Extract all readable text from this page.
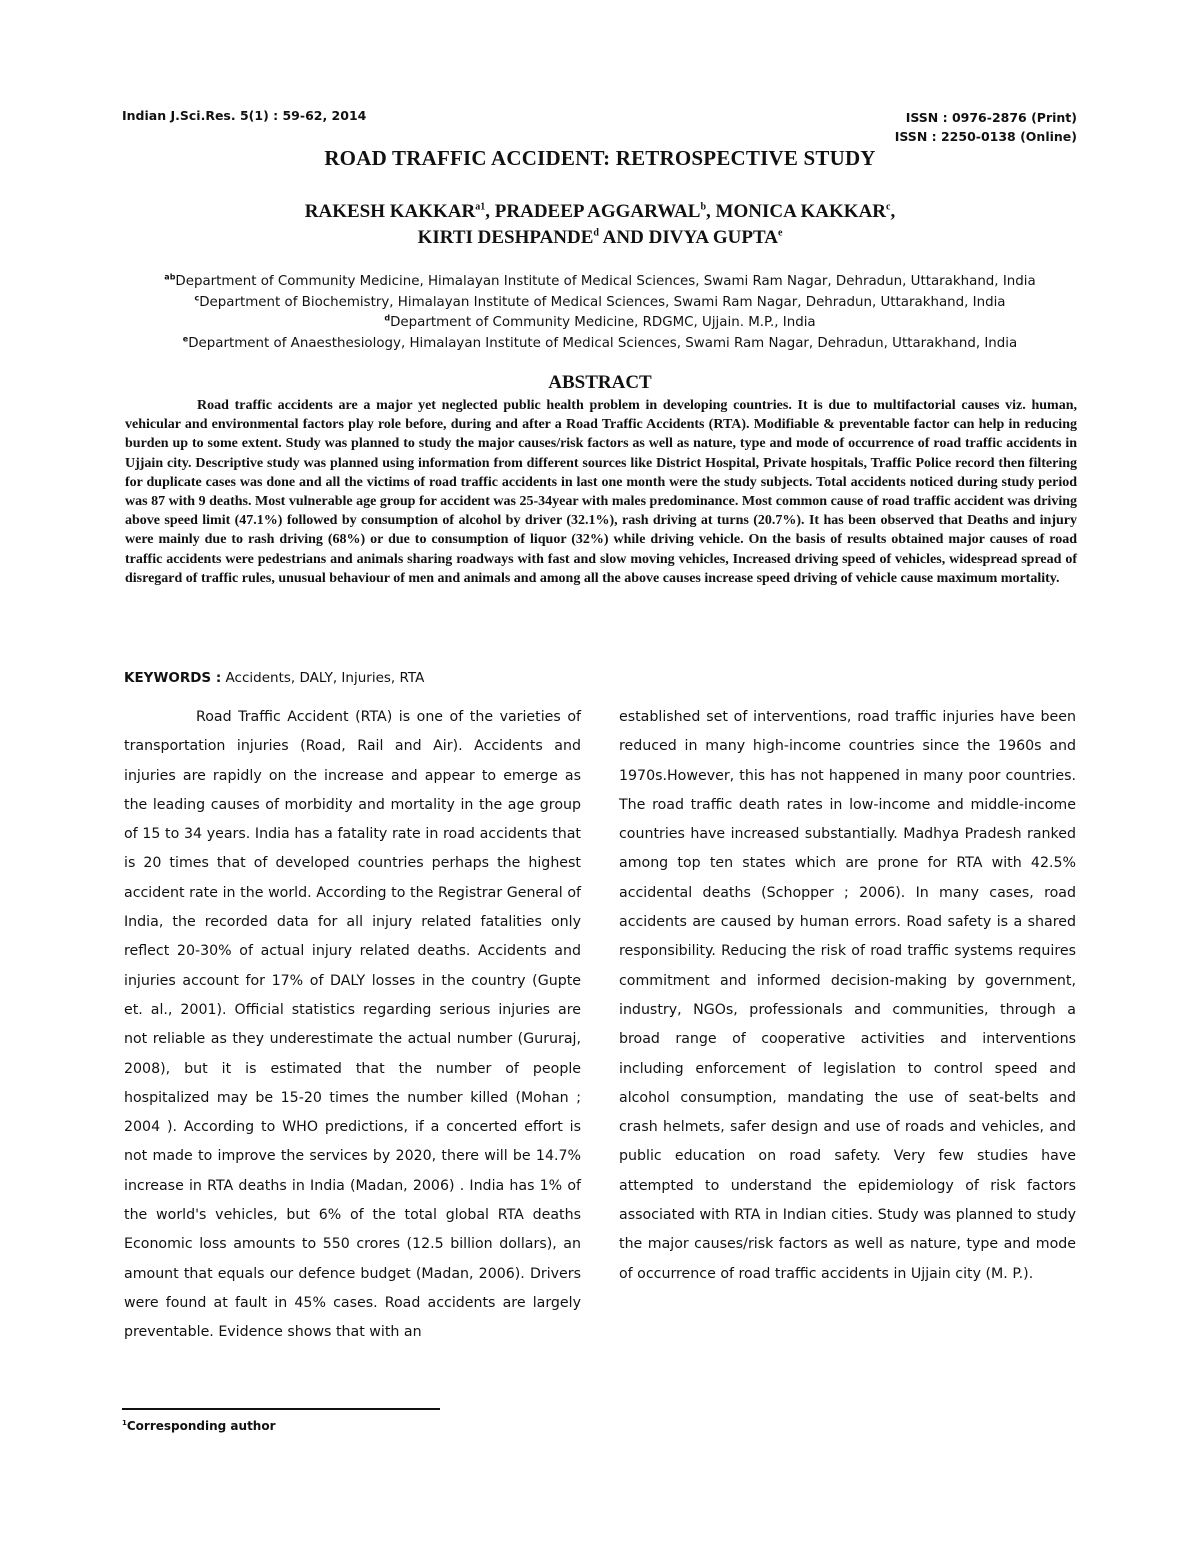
Indian J.Sci.Res. 5(1) : 59-62, 2014	ISSN : 0976-2876 (Print)
ISSN : 2250-0138 (Online)
ROAD TRAFFIC ACCIDENT: RETROSPECTIVE STUDY
RAKESH $KAKKAR^{a1}$, PRADEEP AGGARWAL$^b$, MONICA KAKKAR$^c$,
KIRTI DESHPANDE$^d$ AND DIVYA GUPTA$^e$
$^{ab}$Department of Community Medicine, Himalayan Institute of Medical Sciences, Swami Ram Nagar, Dehradun, Uttarakhand, India
$^c$Department of Biochemistry, Himalayan Institute of Medical Sciences, Swami Ram Nagar, Dehradun, Uttarakhand, India
$^d$Department of Community Medicine, RDGMC, Ujjain. M.P., India
$^e$Department of Anaesthesiology, Himalayan Institute of Medical Sciences, Swami Ram Nagar, Dehradun, Uttarakhand, India
ABSTRACT

Road traffic accidents are a major yet neglected public health problem in developing countries. It is due to multifactorial causes viz. human, vehicular and environmental factors play role before, during and after a Road Traffic Accidents (RTA). Modifiable & preventable factor can help in reducing burden up to some extent. Study was planned to study the major causes/risk factors as well as nature, type and mode of occurrence of road traffic accidents in Ujjain city. Descriptive study was planned using information from different sources like District Hospital, Private hospitals, Traffic Police record then filtering for duplicate cases was done and all the victims of road traffic accidents in last one month were the study subjects. Total accidents noticed during study period was 87 with 9 deaths. Most vulnerable age group for accident was 25-34year with males predominance. Most common cause of road traffic accident was driving above speed limit (47.1%) followed by consumption of alcohol by driver (32.1%), rash driving at turns (20.7%). It has been observed that Deaths and injury were mainly due to rash driving (68%) or due to consumption of liquor (32%) while driving vehicle. On the basis of results obtained major causes of road traffic accidents were pedestrians and animals sharing roadways with fast and slow moving vehicles, Increased driving speed of vehicles, widespread spread of disregard of traffic rules, unusual behaviour of men and animals and among all the above causes increase speed driving of vehicle cause maximum mortality.

KEYWORDS : Accidents, DALY, Injuries, RTA

Road Traffic Accident (RTA) is one of the varieties of transportation injuries (Road, Rail and Air). Accidents and injuries are rapidly on the increase and appear to emerge as the leading causes of morbidity and mortality in the age group of 15 to 34 years. India has a fatality rate in road accidents that is 20 times that of developed countries perhaps the highest accident rate in the world. According to the Registrar General of India, the recorded data for all injury related fatalities only reflect 20-30% of actual injury related deaths. Accidents and injuries account for 17% of DALY losses in the country (Gupte et. al., 2001). Official statistics regarding serious injuries are not reliable as they underestimate the actual number (Gururaj, 2008), but it is estimated that the number of people hospitalized may be 15-20 times the number killed (Mohan ; 2004 ). According to WHO predictions, if a concerted effort is not made to improve the services by 2020, there will be 14.7% increase in RTA deaths in India (Madan, 2006) . India has 1% of the world's vehicles, but 6% of the total global RTA deaths Economic loss amounts to 550 crores (12.5 billion dollars), an amount that equals our defence budget (Madan, 2006). Drivers were found at fault in 45% cases. Road accidents are largely preventable. Evidence shows that with an

established set of interventions, road traffic injuries have been reduced in many high-income countries since the 1960s and 1970s.However, this has not happened in many poor countries. The road traffic death rates in low-income and middle-income countries have increased substantially. Madhya Pradesh ranked among top ten states which are prone for RTA with 42.5% accidental deaths (Schopper ; 2006). In many cases, road accidents are caused by human errors. Road safety is a shared responsibility. Reducing the risk of road traffic systems requires commitment and informed decision-making by government, industry, NGOs, professionals and communities, through a broad range of cooperative activities and interventions including enforcement of legislation to control speed and alcohol consumption, mandating the use of seat-belts and crash helmets, safer design and use of roads and vehicles, and public education on road safety. Very few studies have attempted to understand the epidemiology of risk factors associated with RTA in Indian cities. Study was planned to study the major causes/risk factors as well as nature, type and mode of occurrence of road traffic accidents in Ujjain city (M. P.).

$^1$Corresponding author
